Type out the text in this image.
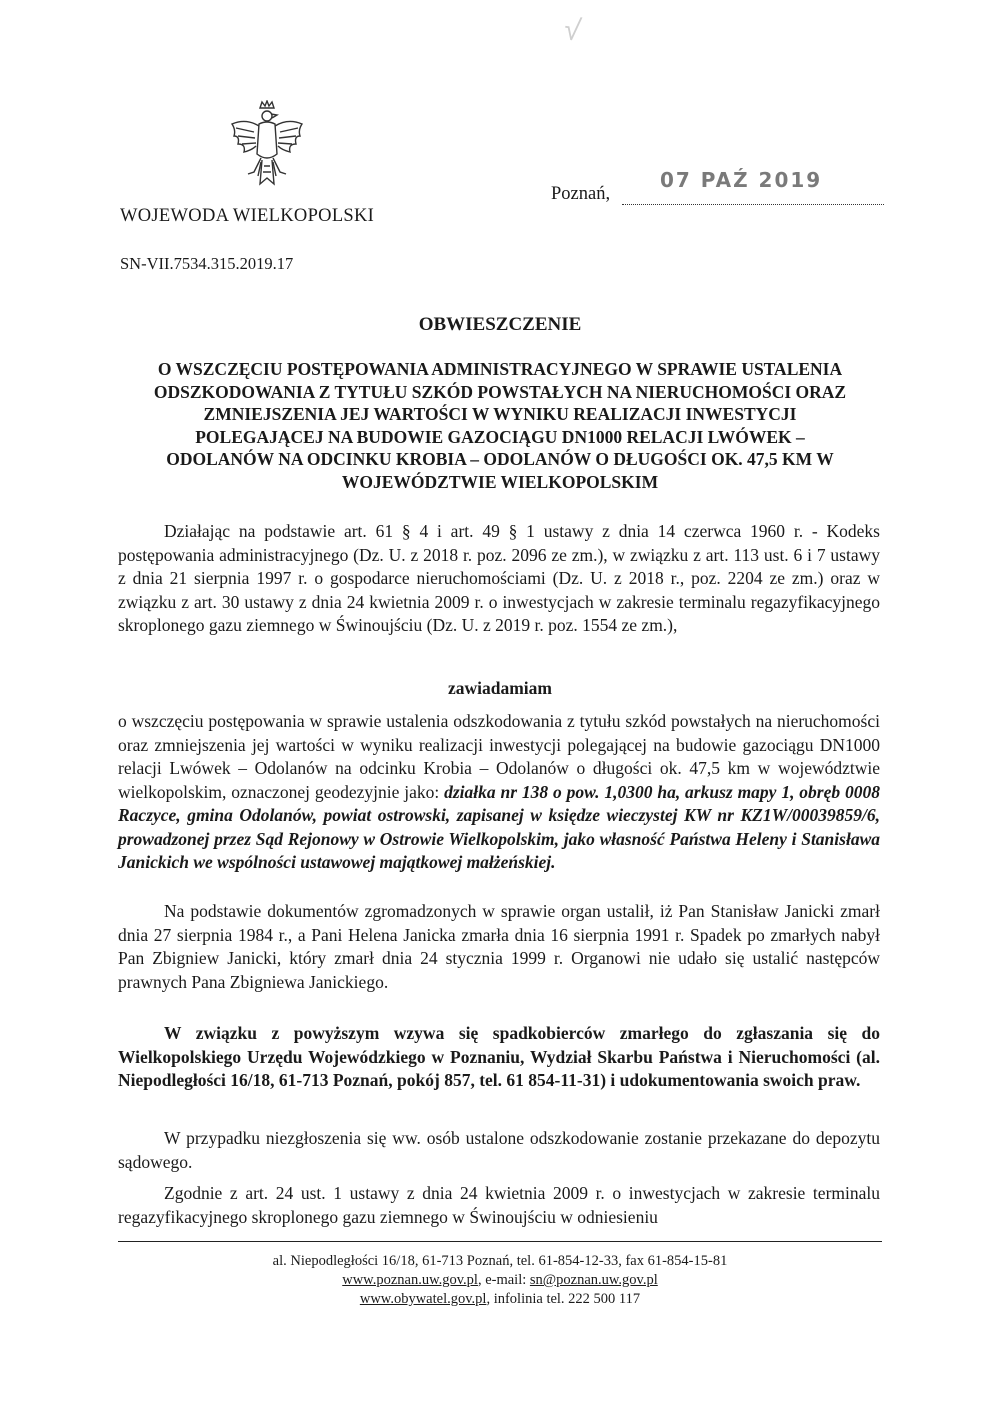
√
WOJEWODA WIELKOPOLSKI
SN-VII.7534.315.2019.17
Poznań,
07 PAŹ 2019
OBWIESZCZENIE
O WSZCZĘCIU POSTĘPOWANIA ADMINISTRACYJNEGO W SPRAWIE USTALENIA ODSZKODOWANIA Z TYTUŁU SZKÓD POWSTAŁYCH NA NIERUCHOMOŚCI ORAZ ZMNIEJSZENIA JEJ WARTOŚCI W WYNIKU REALIZACJI INWESTYCJI POLEGAJĄCEJ NA BUDOWIE GAZOCIĄGU DN1000 RELACJI LWÓWEK – ODOLANÓW NA ODCINKU KROBIA – ODOLANÓW O DŁUGOŚCI OK. 47,5 KM W WOJEWÓDZTWIE WIELKOPOLSKIM
Działając na podstawie art. 61 § 4 i art. 49 § 1 ustawy z dnia 14 czerwca 1960 r. - Kodeks postępowania administracyjnego (Dz. U. z 2018 r. poz. 2096 ze zm.), w związku z art. 113 ust. 6 i 7 ustawy z dnia 21 sierpnia 1997 r. o gospodarce nieruchomościami (Dz. U. z 2018 r., poz. 2204 ze zm.) oraz w związku z art. 30 ustawy z dnia 24 kwietnia 2009 r. o inwestycjach w zakresie terminalu regazyfikacyjnego skroplonego gazu ziemnego w Świnoujściu (Dz. U. z 2019 r. poz. 1554 ze zm.),
zawiadamiam
o wszczęciu postępowania w sprawie ustalenia odszkodowania z tytułu szkód powstałych na nieruchomości oraz zmniejszenia jej wartości w wyniku realizacji inwestycji polegającej na budowie gazociągu DN1000 relacji Lwówek – Odolanów na odcinku Krobia – Odolanów o długości ok. 47,5 km w województwie wielkopolskim, oznaczonej geodezyjnie jako: działka nr 138 o pow. 1,0300 ha, arkusz mapy 1, obręb 0008 Raczyce, gmina Odolanów, powiat ostrowski, zapisanej w księdze wieczystej KW nr KZ1W/00039859/6, prowadzonej przez Sąd Rejonowy w Ostrowie Wielkopolskim, jako własność Państwa Heleny i Stanisława Janickich we wspólności ustawowej majątkowej małżeńskiej.
Na podstawie dokumentów zgromadzonych w sprawie organ ustalił, iż Pan Stanisław Janicki zmarł dnia 27 sierpnia 1984 r., a Pani Helena Janicka zmarła dnia 16 sierpnia 1991 r. Spadek po zmarłych nabył Pan Zbigniew Janicki, który zmarł dnia 24 stycznia 1999 r. Organowi nie udało się ustalić następców prawnych Pana Zbigniewa Janickiego.
W związku z powyższym wzywa się spadkobierców zmarłego do zgłaszania się do Wielkopolskiego Urzędu Wojewódzkiego w Poznaniu, Wydział Skarbu Państwa i Nieruchomości (al. Niepodległości 16/18, 61-713 Poznań, pokój 857, tel. 61 854-11-31) i udokumentowania swoich praw.
W przypadku niezgłoszenia się ww. osób ustalone odszkodowanie zostanie przekazane do depozytu sądowego.
Zgodnie z art. 24 ust. 1 ustawy z dnia 24 kwietnia 2009 r. o inwestycjach w zakresie terminalu regazyfikacyjnego skroplonego gazu ziemnego w Świnoujściu w odniesieniu
al. Niepodległości 16/18, 61-713 Poznań, tel. 61-854-12-33, fax 61-854-15-81
www.poznan.uw.gov.pl, e-mail: sn@poznan.uw.gov.pl
www.obywatel.gov.pl, infolinia tel. 222 500 117
